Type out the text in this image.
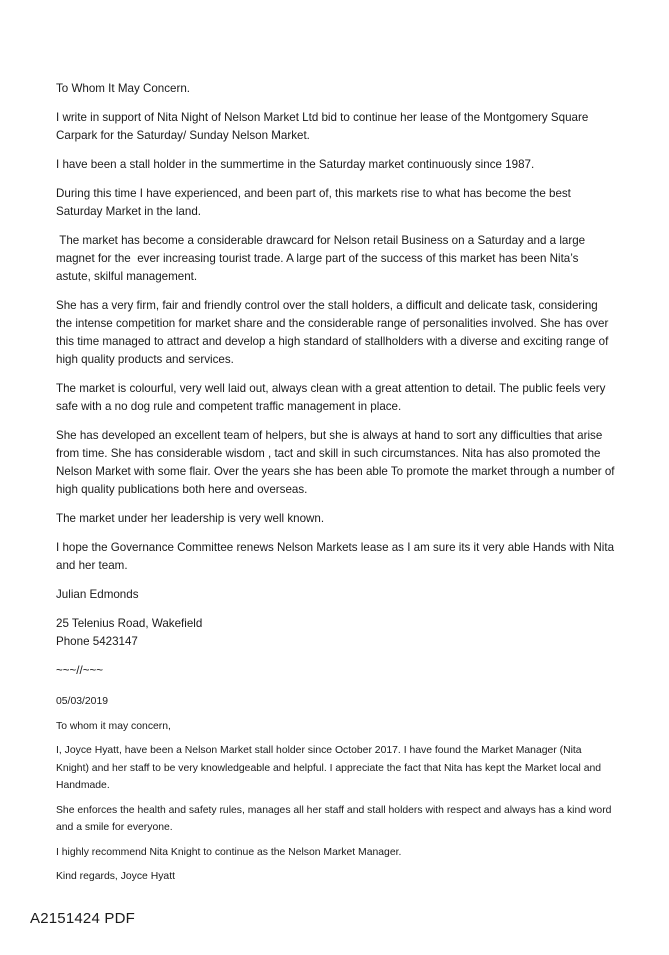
To Whom It May Concern.

I write in support of Nita Night of Nelson Market Ltd bid to continue her lease of the Montgomery Square Carpark for the Saturday/ Sunday Nelson Market.

I have been a stall holder in the summertime in the Saturday market continuously since 1987.

During this time I have experienced, and been part of, this markets rise to what has become the best Saturday Market in the land.

The market has become a considerable drawcard for Nelson retail Business on a Saturday and a large magnet for the  ever increasing tourist trade. A large part of the success of this market has been Nita’s astute, skilful management.

She has a very firm, fair and friendly control over the stall holders, a difficult and delicate task, considering the intense competition for market share and the considerable range of personalities involved. She has over this time managed to attract and develop a high standard of stallholders with a diverse and exciting range of high quality products and services.

The market is colourful, very well laid out, always clean with a great attention to detail. The public feels very safe with a no dog rule and competent traffic management in place.

She has developed an excellent team of helpers, but she is always at hand to sort any difficulties that arise from time. She has considerable wisdom , tact and skill in such circumstances. Nita has also promoted the Nelson Market with some flair. Over the years she has been able To promote the market through a number of high quality publications both here and overseas.

The market under her leadership is very well known.

I hope the Governance Committee renews Nelson Markets lease as I am sure its it very able Hands with Nita and her team.

Julian Edmonds

25 Telenius Road, Wakefield
Phone 5423147

~~~//~~~

05/03/2019

To whom it may concern,

I, Joyce Hyatt, have been a Nelson Market stall holder since October 2017. I have found the Market Manager (Nita Knight) and her staff to be very knowledgeable and helpful. I appreciate the fact that Nita has kept the Market local and Handmade.

She enforces the health and safety rules, manages all her staff and stall holders with respect and always has a kind word and a smile for everyone.

I highly recommend Nita Knight to continue as the Nelson Market Manager.

Kind regards, Joyce Hyatt

A2151424 PDF
